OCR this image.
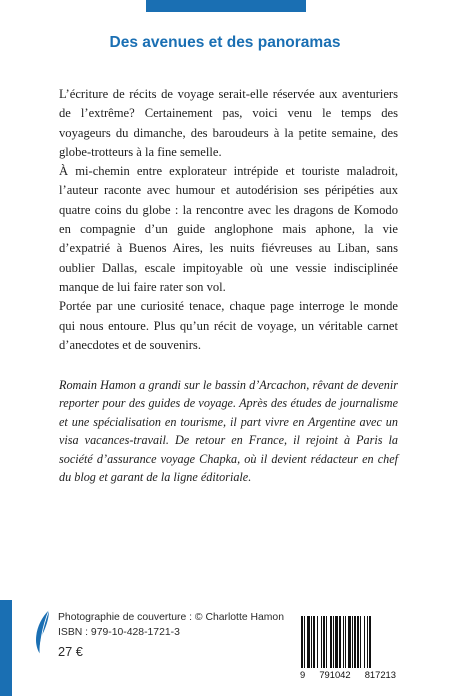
Des avenues et des panoramas

L’écriture de récits de voyage serait-elle réservée aux aventuriers de l’extrême? Certainement pas, voici venu le temps des voyageurs du dimanche, des baroudeurs à la petite semaine, des globe-trotteurs à la fine semelle.

À mi-chemin entre explorateur intrépide et touriste maladroit, l’auteur raconte avec humour et autodérision ses péripéties aux quatre coins du globe : la rencontre avec les dragons de Komodo en compagnie d’un guide anglophone mais aphone, la vie d’expatrié à Buenos Aires, les nuits fiévreuses au Liban, sans oublier Dallas, escale impitoyable où une vessie indisciplinée manque de lui faire rater son vol.

Portée par une curiosité tenace, chaque page interroge le monde qui nous entoure. Plus qu’un récit de voyage, un véritable carnet d’anecdotes et de souvenirs.

Romain Hamon a grandi sur le bassin d’Arcachon, rêvant de devenir reporter pour des guides de voyage. Après des études de journalisme et une spécialisation en tourisme, il part vivre en Argentine avec un visa vacances-travail. De retour en France, il rejoint à Paris la société d’assurance voyage Chapka, où il devient rédacteur en chef du blog et garant de la ligne éditoriale.

Photographie de couverture : © Charlotte Hamon
ISBN : 979-10-428-1721-3
27 €
9 791042 817213
